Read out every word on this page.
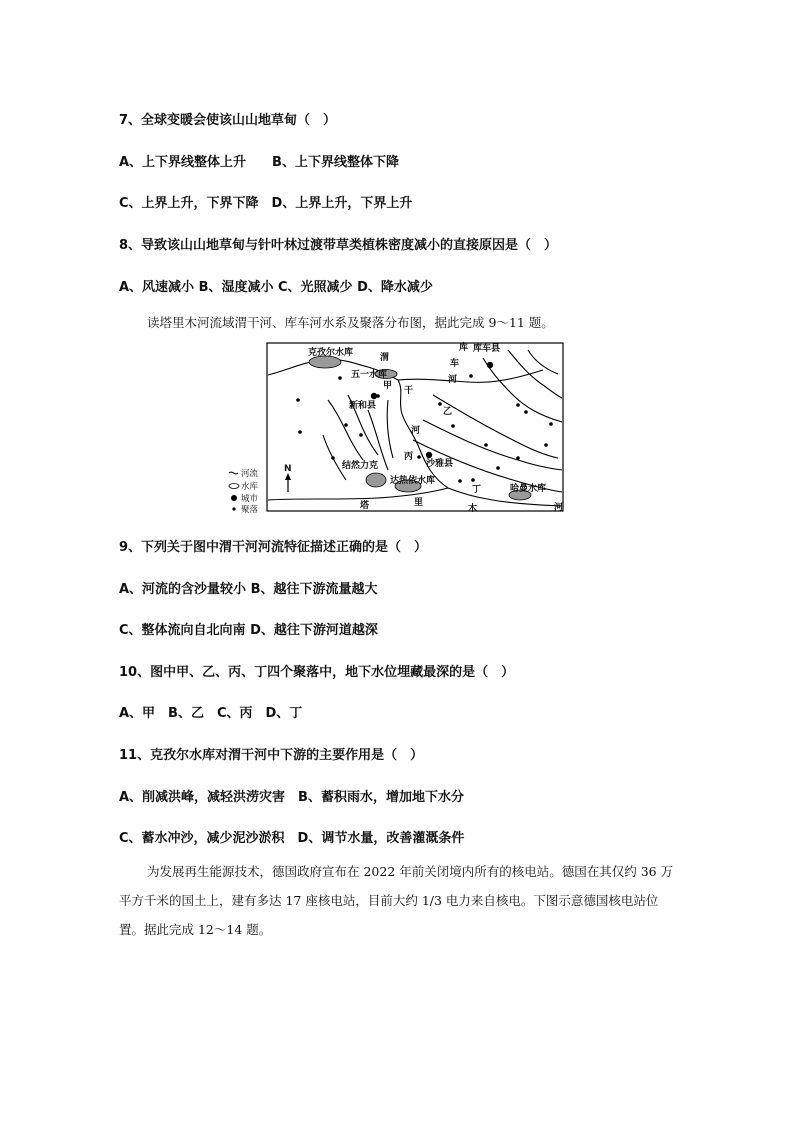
7、全球变暖会使该山山地草甸（　）
A、上下界线整体上升　　B、上下界线整体下降
C、上界上升，下界下降　D、上界上升，下界上升
8、导致该山山地草甸与针叶林过渡带草类植株密度减小的直接原因是（　）
A、风速减小 B、湿度减小 C、光照减少 D、降水减少
读塔里木河流域渭干河、库车河水系及聚落分布图，据此完成 9～11 题。
克孜尔水库	渭
五一水库
甲 干
新和县
乙
河
丙
沙雅县
结然力克
达热依水库
丁	哈曼水库
塔	里
木	河
库车县
库
车
河
N
河流
水库
城市
聚落
9、下列关于图中渭干河河流特征描述正确的是（　）
A、河流的含沙量较小 B、越往下游流量越大
C、整体流向自北向南 D、越往下游河道越深
10、图中甲、乙、丙、丁四个聚落中，地下水位埋藏最深的是（　）
A、甲　B、乙　C、丙　D、丁
11、克孜尔水库对渭干河中下游的主要作用是（　）
A、削减洪峰，减轻洪涝灾害　B、蓄积雨水，增加地下水分
C、蓄水冲沙，减少泥沙淤积　D、调节水量，改善灌溉条件
为发展再生能源技术，德国政府宣布在 2022 年前关闭境内所有的核电站。德国在其仅约 36 万平方千米的国土上，建有多达 17 座核电站，目前大约 1/3 电力来自核电。下图示意德国核电站位置。据此完成 12～14 题。
